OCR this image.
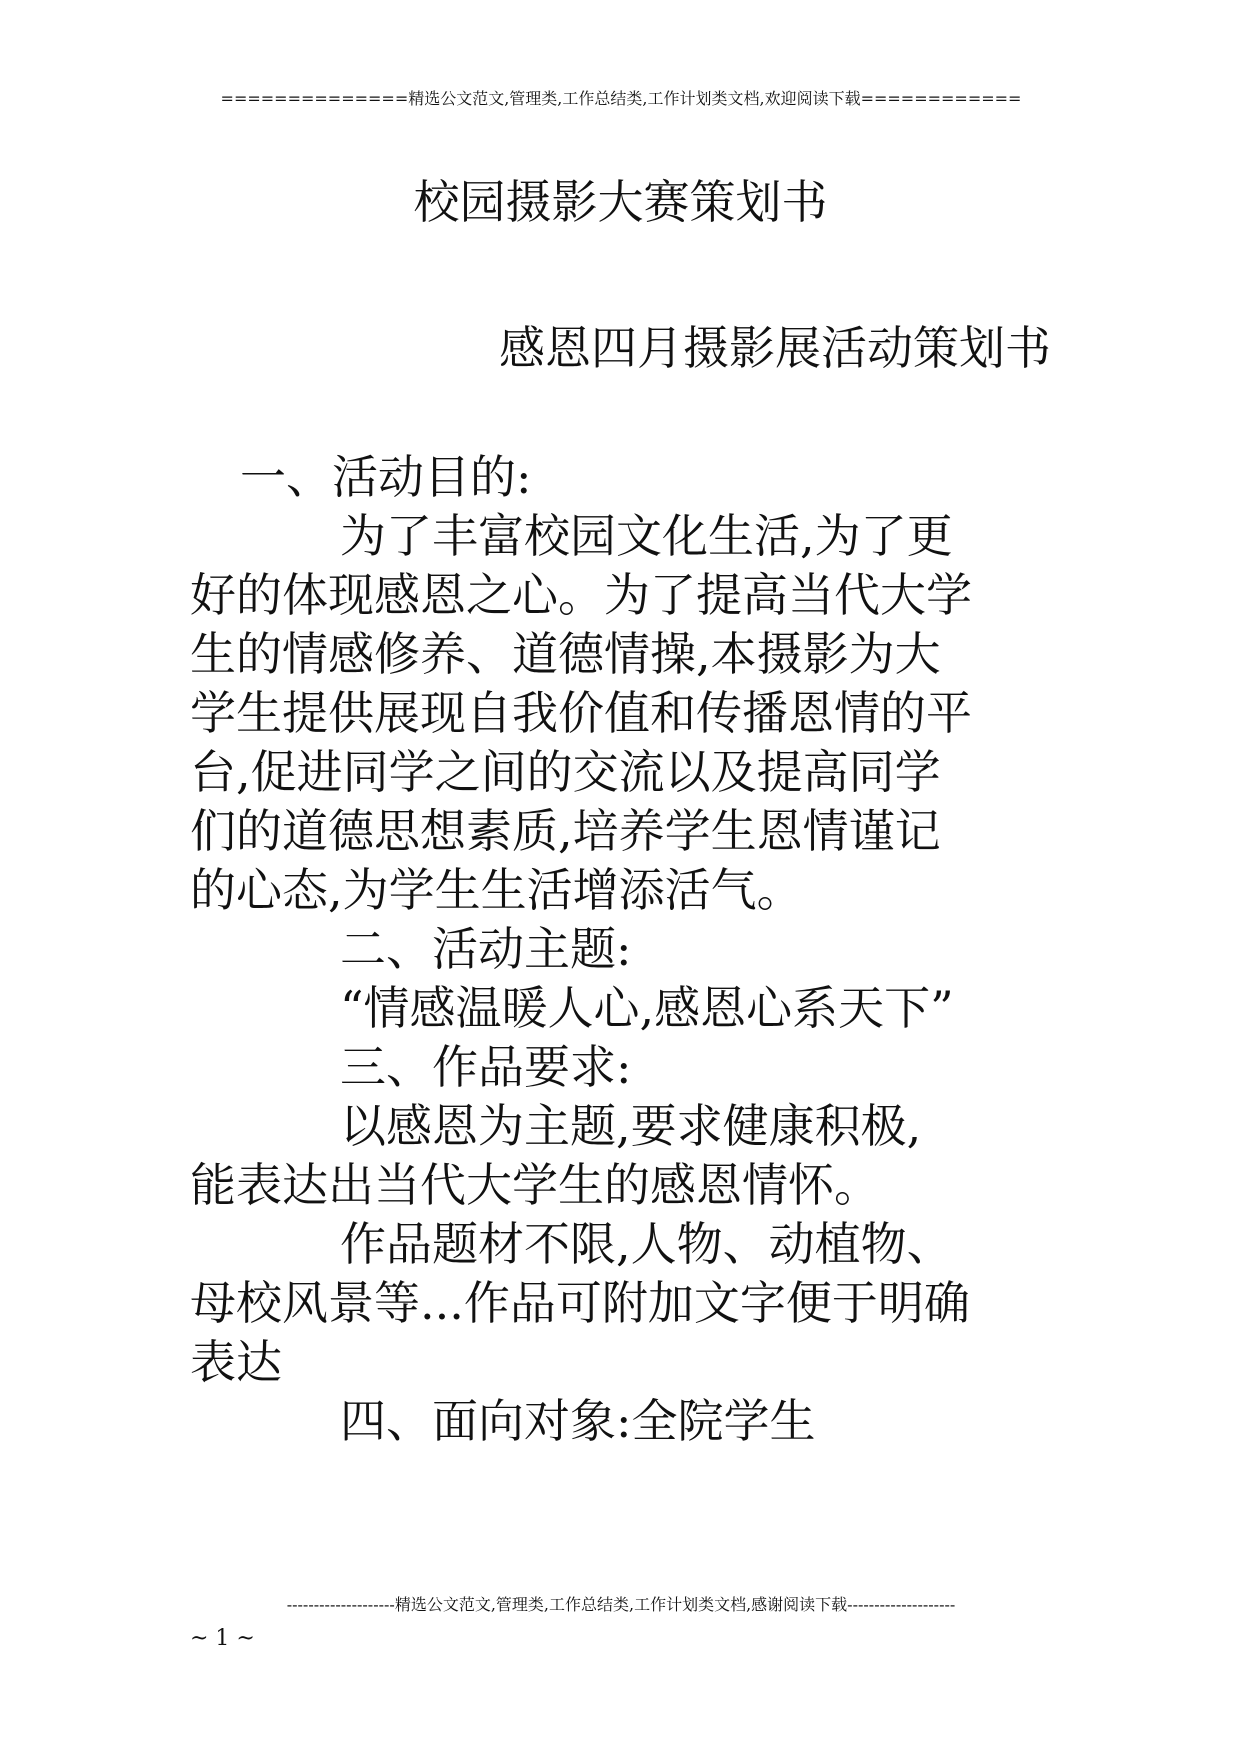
==============精选公文范文,管理类,工作总结类,工作计划类文档,欢迎阅读下载============
校园摄影大赛策划书
感恩四月摄影展活动策划书
一、活动目的:
为了丰富校园文化生活,为了更
好的体现感恩之心。为了提高当代大学
生的情感修养、道德情操,本摄影为大
学生提供展现自我价值和传播恩情的平
台,促进同学之间的交流以及提高同学
们的道德思想素质,培养学生恩情谨记
的心态,为学生生活增添活气。
二、活动主题:
“情感温暖人心,感恩心系天下”
三、作品要求:
以感恩为主题,要求健康积极,
能表达出当代大学生的感恩情怀。
作品题材不限,人物、动植物、
母校风景等...作品可附加文字便于明确
表达
四、面向对象:全院学生
--------------------精选公文范文,管理类,工作总结类,工作计划类文档,感谢阅读下载--------------------
~ 1 ~
